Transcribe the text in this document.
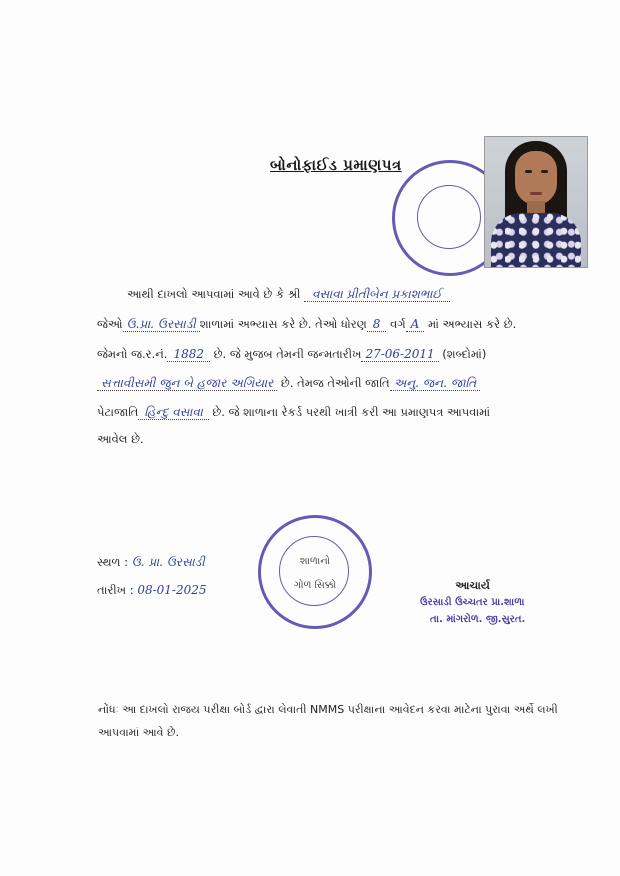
બોનોફાઈડ પ્રમાણપત્ર
આથી દાખલો આપવામાં આવે છે કે શ્રી વસાવા પ્રીતીબેન પ્રકાશભાઈ
જેઓ ઉ.પ્રા. ઉરસાડી શાળામાં અભ્યાસ કરે છે. તેઓ ધોરણ 8 વર્ગ A માં અભ્યાસ કરે છે.
જેમનો જ.ર.નં. 1882 છે. જે મુજબ તેમની જન્મતારીખ 27-06-2011 (શબ્દોમાં)
સત્તાવીસમી જુન બે હજાર અગિયાર છે. તેમજ તેઓની જાતિ અનુ. જન. જાતિ
પેટાજાતિ હિન્દુ વસાવા છે. જે શાળાના રેકર્ડ પરથી ખાત્રી કરી આ પ્રમાણપત્ર આપવામાં
આવેલ છે.
સ્થળ : ઉ. પ્રા. ઉરસાડી
તારીખ : 08-01-2025
શાળાનો
ગોળ સિક્કો	આચાર્ય
ઉરસાડી ઉચ્ચતર પ્રા.શાળા
તા. માંગરોળ. જી.સુરત.
નોંધઃ આ દાખલો રાજય પરીક્ષા બોર્ડ દ્વારા લેવાતી NMMS પરીક્ષાના આવેદન કરવા માટેના પુરાવા અર્થે લખી આપવામાં આવે છે.
